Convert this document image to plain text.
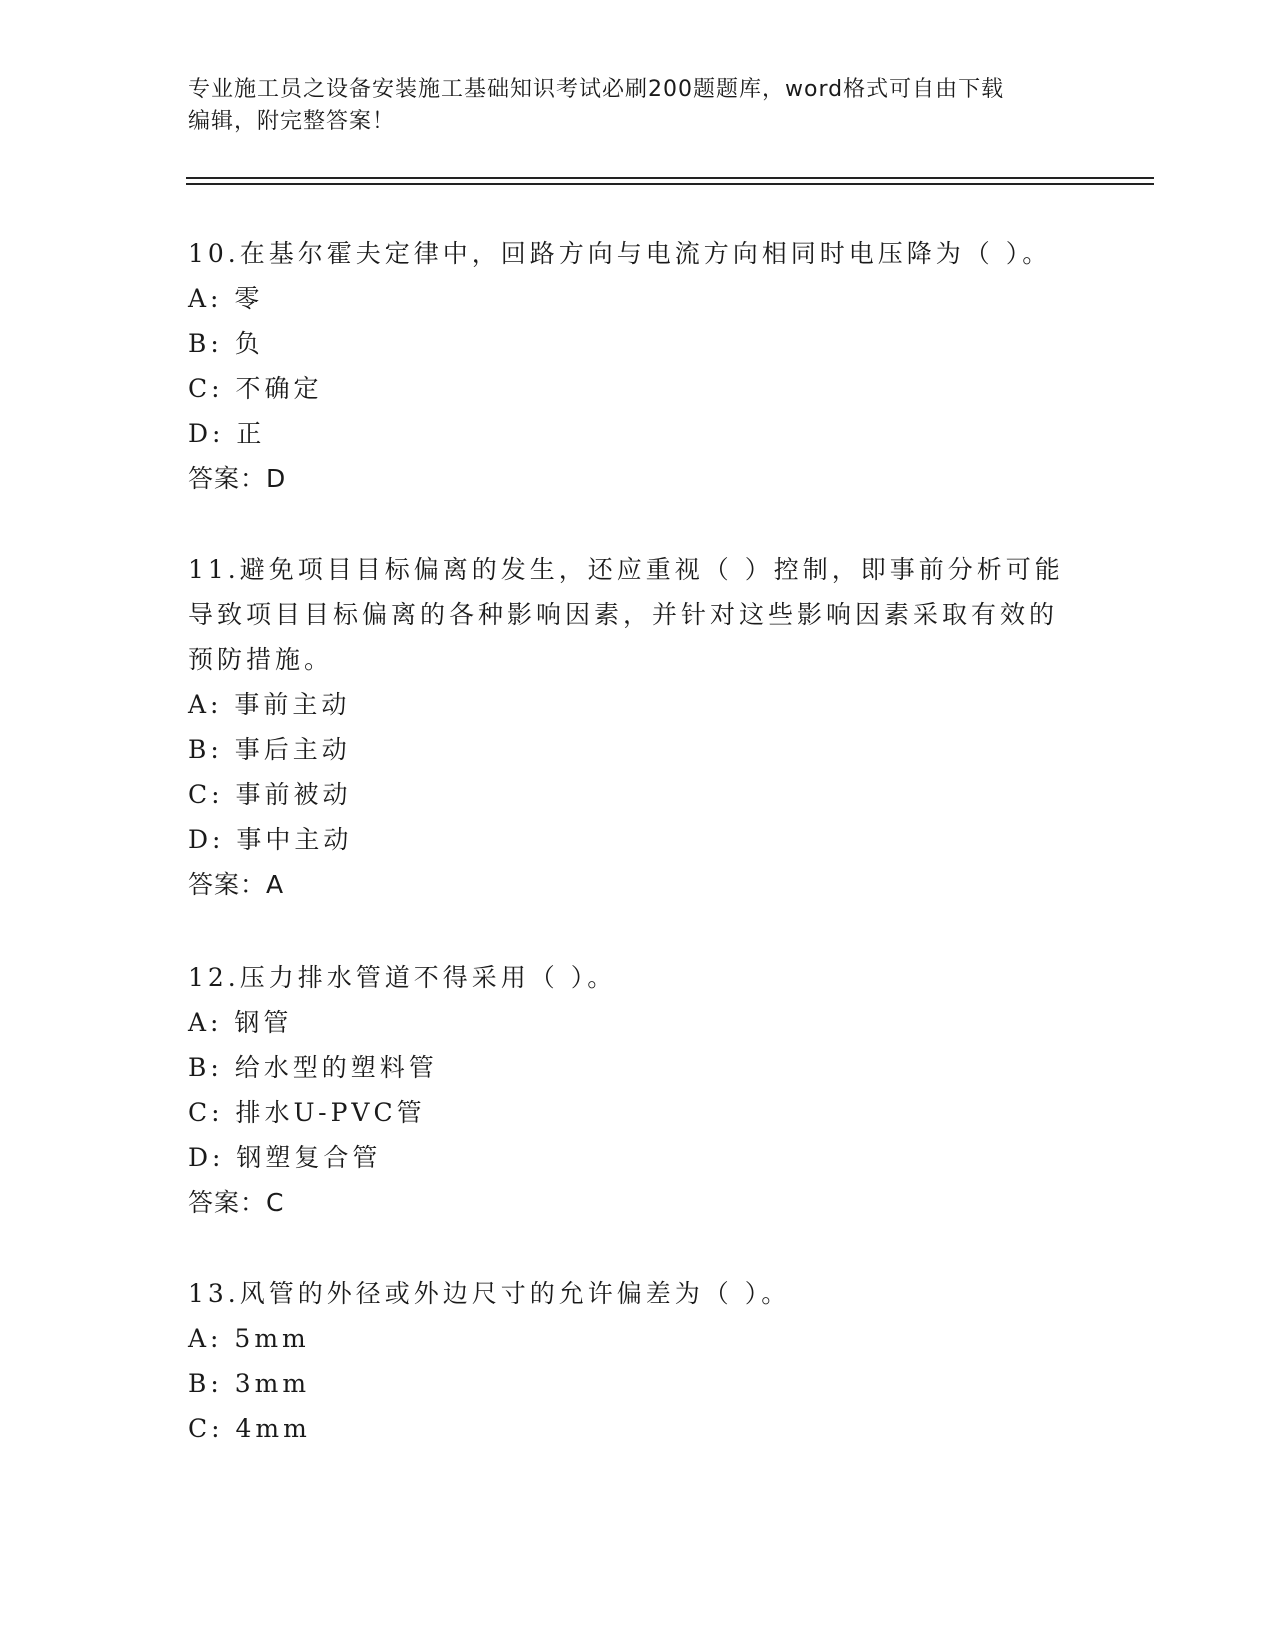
专业施工员之设备安装施工基础知识考试必刷200题题库，word格式可自由下载
编辑，附完整答案！
10.在基尔霍夫定律中，回路方向与电流方向相同时电压降为（ ）。
A: 零
B: 负
C: 不确定
D: 正
答案：D
11.避免项目目标偏离的发生，还应重视（ ）控制，即事前分析可能
导致项目目标偏离的各种影响因素，并针对这些影响因素采取有效的
预防措施。
A: 事前主动
B: 事后主动
C: 事前被动
D: 事中主动
答案：A
12.压力排水管道不得采用（ ）。
A: 钢管
B: 给水型的塑料管
C: 排水U-PVC管
D: 钢塑复合管
答案：C
13.风管的外径或外边尺寸的允许偏差为（ ）。
A: 5mm
B: 3mm
C: 4mm
